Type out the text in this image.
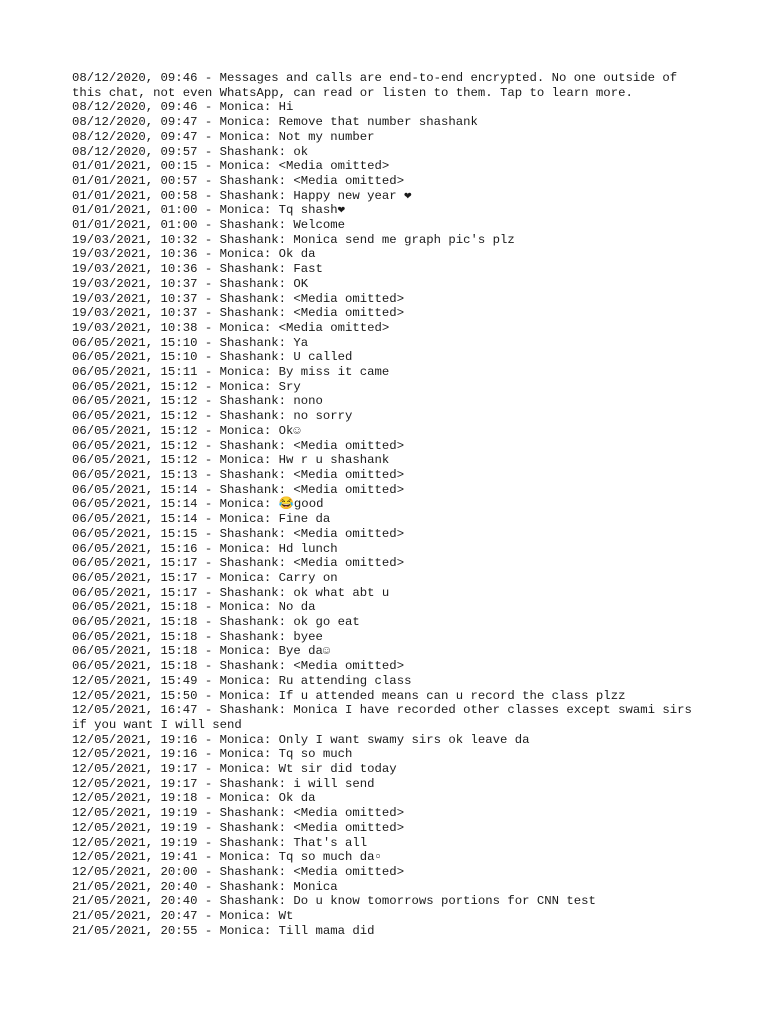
08/12/2020, 09:46 - Messages and calls are end-to-end encrypted. No one outside of this chat, not even WhatsApp, can read or listen to them. Tap to learn more.
08/12/2020, 09:46 - Monica: Hi
08/12/2020, 09:47 - Monica: Remove that number shashank
08/12/2020, 09:47 - Monica: Not my number
08/12/2020, 09:57 - Shashank: ok
01/01/2021, 00:15 - Monica: <Media omitted>
01/01/2021, 00:57 - Shashank: <Media omitted>
01/01/2021, 00:58 - Shashank: Happy new year ❤
01/01/2021, 01:00 - Monica: Tq shash❤
01/01/2021, 01:00 - Shashank: Welcome
19/03/2021, 10:32 - Shashank: Monica send me graph pic's plz
19/03/2021, 10:36 - Monica: Ok da
19/03/2021, 10:36 - Shashank: Fast
19/03/2021, 10:37 - Shashank: OK
19/03/2021, 10:37 - Shashank: <Media omitted>
19/03/2021, 10:37 - Shashank: <Media omitted>
19/03/2021, 10:38 - Monica: <Media omitted>
06/05/2021, 15:10 - Shashank: Ya
06/05/2021, 15:10 - Shashank: U called
06/05/2021, 15:11 - Monica: By miss it came
06/05/2021, 15:12 - Monica: Sry
06/05/2021, 15:12 - Shashank: nono
06/05/2021, 15:12 - Shashank: no sorry
06/05/2021, 15:12 - Monica: Ok☺
06/05/2021, 15:12 - Shashank: <Media omitted>
06/05/2021, 15:12 - Monica: Hw r u shashank
06/05/2021, 15:13 - Shashank: <Media omitted>
06/05/2021, 15:14 - Shashank: <Media omitted>
06/05/2021, 15:14 - Monica: 😂good
06/05/2021, 15:14 - Monica: Fine da
06/05/2021, 15:15 - Shashank: <Media omitted>
06/05/2021, 15:16 - Monica: Hd lunch
06/05/2021, 15:17 - Shashank: <Media omitted>
06/05/2021, 15:17 - Monica: Carry on
06/05/2021, 15:17 - Shashank: ok what abt u
06/05/2021, 15:18 - Monica: No da
06/05/2021, 15:18 - Shashank: ok go eat
06/05/2021, 15:18 - Shashank: byee
06/05/2021, 15:18 - Monica: Bye da☺
06/05/2021, 15:18 - Shashank: <Media omitted>
12/05/2021, 15:49 - Monica: Ru attending class
12/05/2021, 15:50 - Monica: If u attended means can u record the class plzz
12/05/2021, 16:47 - Shashank: Monica I have recorded other classes except swami sirs if you want I will send
12/05/2021, 19:16 - Monica: Only I want swamy sirs ok leave da
12/05/2021, 19:16 - Monica: Tq so much
12/05/2021, 19:17 - Monica: Wt sir did today
12/05/2021, 19:17 - Shashank: i will send
12/05/2021, 19:18 - Monica: Ok da
12/05/2021, 19:19 - Shashank: <Media omitted>
12/05/2021, 19:19 - Shashank: <Media omitted>
12/05/2021, 19:19 - Shashank: That's all
12/05/2021, 19:41 - Monica: Tq so much da▫
12/05/2021, 20:00 - Shashank: <Media omitted>
21/05/2021, 20:40 - Shashank: Monica
21/05/2021, 20:40 - Shashank: Do u know tomorrows portions for CNN test
21/05/2021, 20:47 - Monica: Wt
21/05/2021, 20:55 - Monica: Till mama did
